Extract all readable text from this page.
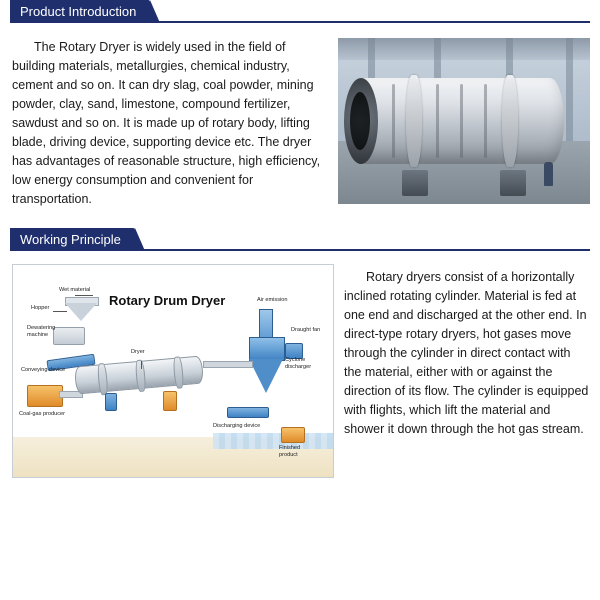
Product Introduction
The Rotary Dryer is widely used in the field of building materials, metallurgies, chemical industry, cement and so on. It can dry slag, coal powder, mining powder, clay, sand, limestone, compound fertilizer, sawdust and so on. It is made up of rotary body, lifting blade, driving device, supporting device etc. The dryer has advantages of reasonable structure, high efficiency, low energy consumption and convenient for transportation.
Working Principle
Rotary Drum Dryer
Wet material
Hopper
Dewatering machine
Conveying device
Coal-gas producer
Dryer
Air emission
Draught fan
Cyclone discharger
Discharging device
Finished product
Rotary dryers consist of a horizontally inclined rotating cylinder. Material is fed at one end and discharged at the other end. In direct-type rotary dryers, hot gases move through the cylinder in direct contact with the material, either with or against the direction of its flow. The cylinder is equipped with flights, which lift the material and shower it down through the hot gas stream.
